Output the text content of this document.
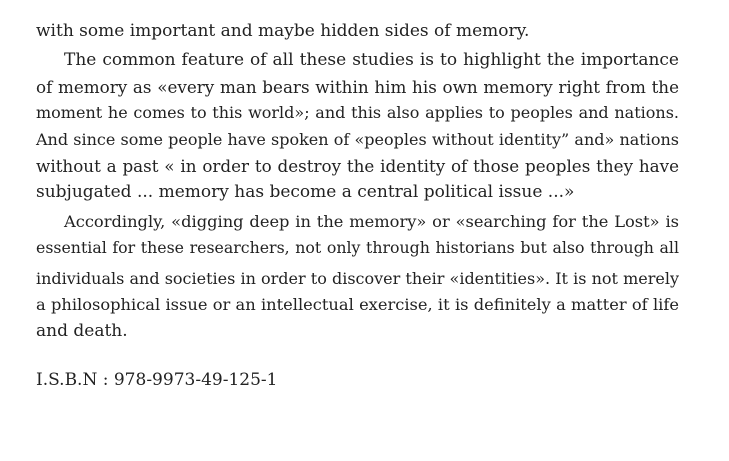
with some important and maybe hidden sides of memory.
The common feature of all these studies is to highlight the importance
of memory as «every man bears within him his own memory right from the
moment he comes to this world»; and this also applies to peoples and nations.
And since some people have spoken of «peoples without identity” and» nations
without a past « in order to destroy the identity of those peoples they have
subjugated ... memory has become a central political issue ...»
Accordingly, «digging deep in the memory» or «searching for the Lost» is
essential for these researchers, not only through historians but also through all
individuals and societies in order to discover their «identities». It is not merely
a philosophical issue or an intellectual exercise, it is definitely a matter of life
and death.
I.S.B.N : 978-9973-49-125-1
